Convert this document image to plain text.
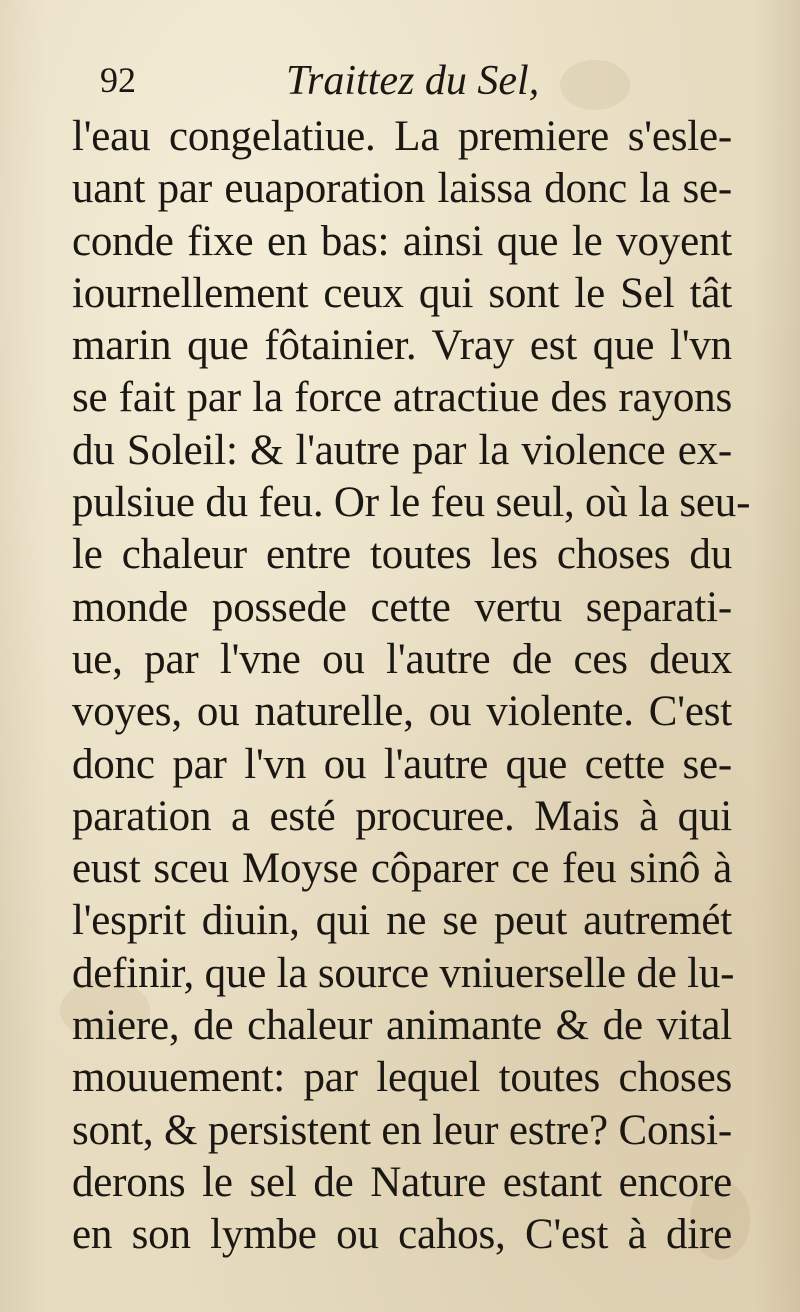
92	Traittez du Sel,
l'eau congelatiue. La premiere s'esle-
uant par euaporation laissa donc la se-
conde fixe en bas: ainsi que le voyent
iournellement ceux qui sont le Sel tât
marin que fôtainier. Vray est que l'vn
se fait par la force atractiue des rayons
du Soleil: & l'autre par la violence ex-
pulsiue du feu. Or le feu seul, où la seu-
le chaleur entre toutes les choses du
monde possede cette vertu separati-
ue, par l'vne ou l'autre de ces deux
voyes, ou naturelle, ou violente. C'est
donc par l'vn ou l'autre que cette se-
paration a esté procuree. Mais à qui
eust sceu Moyse côparer ce feu sinô à
l'esprit diuin, qui ne se peut autremét
definir, que la source vniuerselle de lu-
miere, de chaleur animante & de vital
mouuement: par lequel toutes choses
sont, & persistent en leur estre? Consi-
derons le sel de Nature estant encore
en son lymbe ou cahos, C'est à dire
